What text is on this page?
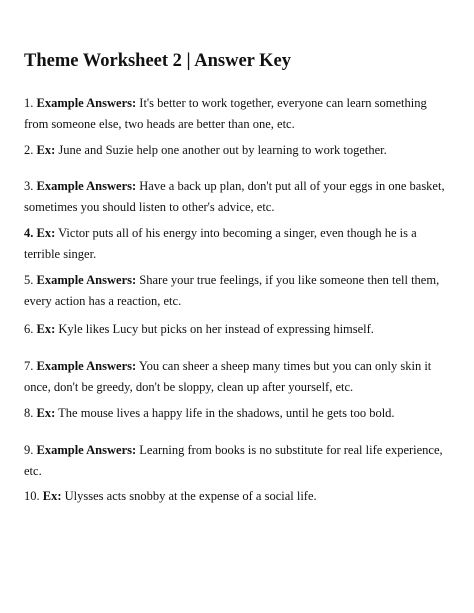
Theme Worksheet 2 | Answer Key

1. Example Answers: It's better to work together, everyone can learn something from someone else, two heads are better than one, etc.

2. Ex: June and Suzie help one another out by learning to work together.

3. Example Answers: Have a back up plan, don't put all of your eggs in one basket, sometimes you should listen to other's advice, etc.

4. Ex: Victor puts all of his energy into becoming a singer, even though he is a terrible singer.

5. Example Answers: Share your true feelings, if you like someone then tell them, every action has a reaction, etc.

6. Ex: Kyle likes Lucy but picks on her instead of expressing himself.

7. Example Answers: You can sheer a sheep many times but you can only skin it once, don't be greedy, don't be sloppy, clean up after yourself, etc.

8. Ex: The mouse lives a happy life in the shadows, until he gets too bold.

9. Example Answers: Learning from books is no substitute for real life experience, etc.

10. Ex: Ulysses acts snobby at the expense of a social life.
